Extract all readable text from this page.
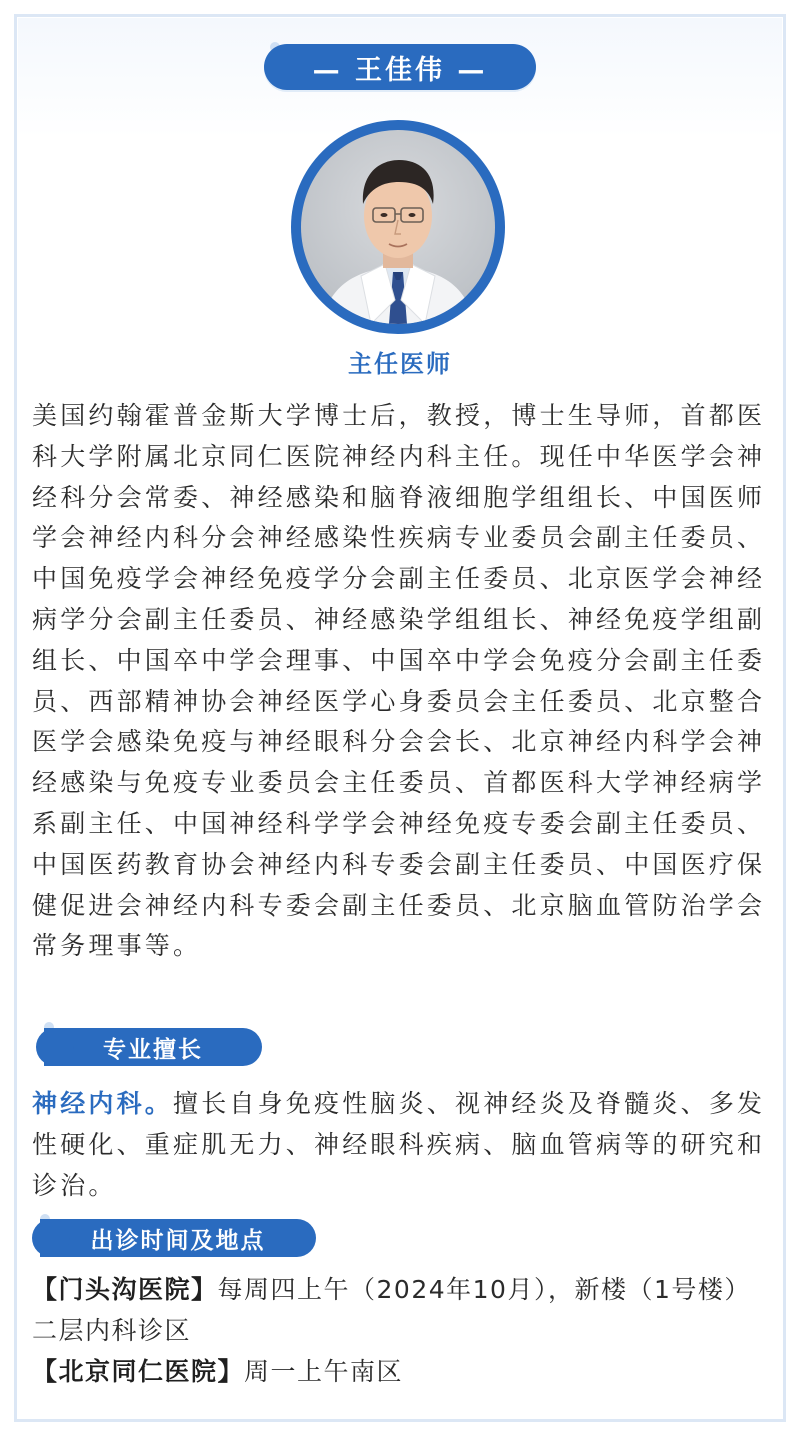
— 王佳伟 —
主任医师

美国约翰霍普金斯大学博士后，教授，博士生导师，首都医科大学附属北京同仁医院神经内科主任。现任中华医学会神经科分会常委、神经感染和脑脊液细胞学组组长、中国医师学会神经内科分会神经感染性疾病专业委员会副主任委员、中国免疫学会神经免疫学分会副主任委员、北京医学会神经病学分会副主任委员、神经感染学组组长、神经免疫学组副组长、中国卒中学会理事、中国卒中学会免疫分会副主任委员、西部精神协会神经医学心身委员会主任委员、北京整合医学会感染免疫与神经眼科分会会长、北京神经内科学会神经感染与免疫专业委员会主任委员、首都医科大学神经病学系副主任、中国神经科学学会神经免疫专委会副主任委员、中国医药教育协会神经内科专委会副主任委员、中国医疗保健促进会神经内科专委会副主任委员、北京脑血管防治学会常务理事等。

专业擅长

神经内科。擅长自身免疫性脑炎、视神经炎及脊髓炎、多发性硬化、重症肌无力、神经眼科疾病、脑血管病等的研究和诊治。

出诊时间及地点

【门头沟医院】每周四上午（2024年10月），新楼（1号楼）二层内科诊区

【北京同仁医院】周一上午南区
